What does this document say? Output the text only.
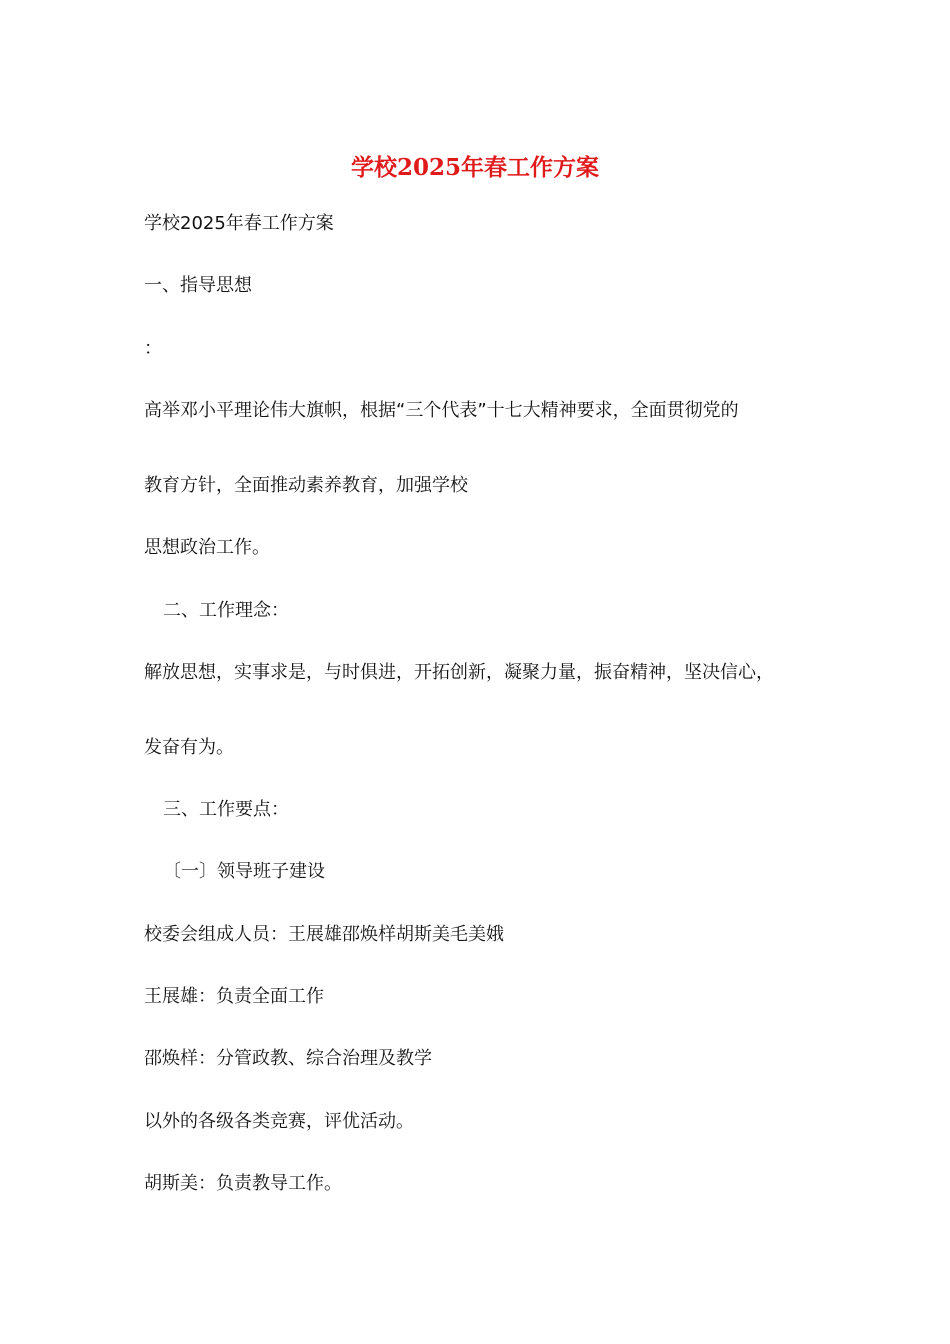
学校2025年春工作方案
学校2025年春工作方案
一、指导思想
：
高举邓小平理论伟大旗帜，根据“三个代表”十七大精神要求，全面贯彻党的
教育方针，全面推动素养教育，加强学校
思想政治工作。
二、工作理念：
解放思想，实事求是，与时俱进，开拓创新，凝聚力量，振奋精神，坚决信心，
发奋有为。
三、工作要点：
〔一〕领导班子建设
校委会组成人员：王展雄邵焕样胡斯美毛美娥
王展雄：负责全面工作
邵焕样：分管政教、综合治理及教学
以外的各级各类竞赛，评优活动。
胡斯美：负责教导工作。
